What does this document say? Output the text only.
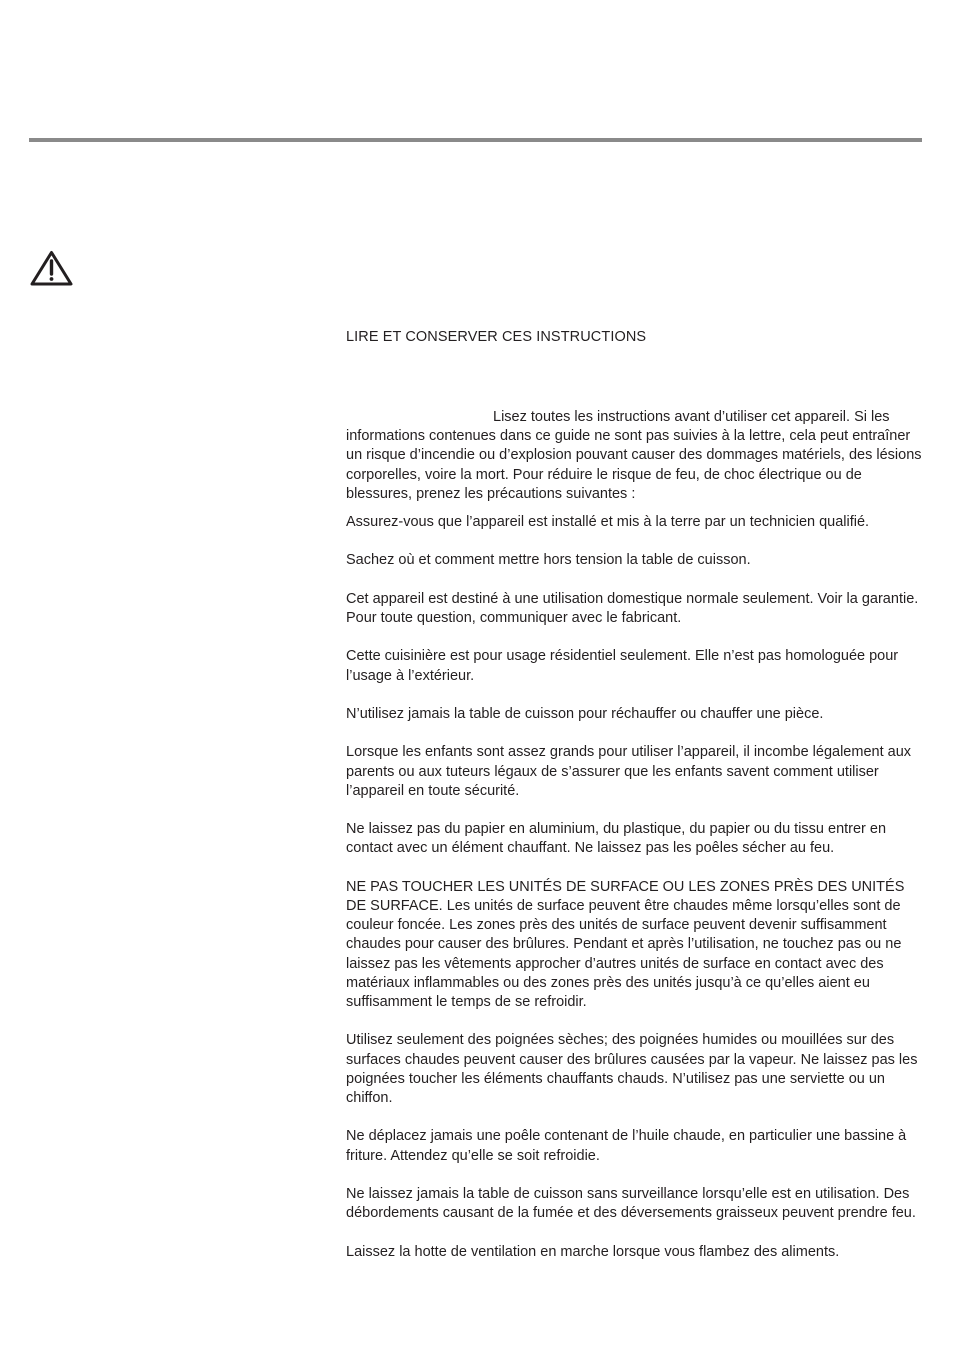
LIRE ET CONSERVER CES INSTRUCTIONS

Lisez toutes les instructions avant d’utiliser cet appareil. Si les informations contenues dans ce guide ne sont pas suivies à la lettre, cela peut entraîner un risque d’incendie ou d’explosion pouvant causer des dommages matériels, des lésions corporelles, voire la mort. Pour réduire le risque de feu, de choc électrique ou de blessures, prenez les précautions suivantes :

Assurez-vous que l’appareil est installé et mis à la terre par un technicien qualifié.

Sachez où et comment mettre hors tension la table de cuisson.

Cet appareil est destiné à une utilisation domestique normale seulement. Voir la garantie. Pour toute question, communiquer avec le fabricant.

Cette cuisinière est pour usage résidentiel seulement. Elle n’est pas homologuée pour l’usage à l’extérieur.

N’utilisez jamais la table de cuisson pour réchauffer ou chauffer une pièce.

Lorsque les enfants sont assez grands pour utiliser l’appareil, il incombe légalement aux parents ou aux tuteurs légaux de s’assurer que les enfants savent comment utiliser l’appareil en toute sécurité.

Ne laissez pas du papier en aluminium, du plastique, du papier ou du tissu entrer en contact avec un élément chauffant. Ne laissez pas les poêles sécher au feu.

NE PAS TOUCHER LES UNITÉS DE SURFACE OU LES ZONES PRÈS DES UNITÉS DE SURFACE. Les unités de surface peuvent être chaudes même lorsqu’elles sont de couleur foncée. Les zones près des unités de surface peuvent devenir suffisamment chaudes pour causer des brûlures. Pendant et après l’utilisation, ne touchez pas ou ne laissez pas les vêtements approcher d’autres unités de surface en contact avec des matériaux inflammables ou des zones près des unités jusqu’à ce qu’elles aient eu suffisamment le temps de se refroidir.

Utilisez seulement des poignées sèches; des poignées humides ou mouillées sur des surfaces chaudes peuvent causer des brûlures causées par la vapeur. Ne laissez pas les poignées toucher les éléments chauffants chauds. N’utilisez pas une serviette ou un chiffon.

Ne déplacez jamais une poêle contenant de l’huile chaude, en particulier une bassine à friture. Attendez qu’elle se soit refroidie.

Ne laissez jamais la table de cuisson sans surveillance lorsqu’elle est en utilisation. Des débordements causant de la fumée et des déversements graisseux peuvent prendre feu.

Laissez la hotte de ventilation en marche lorsque vous flambez des aliments.
